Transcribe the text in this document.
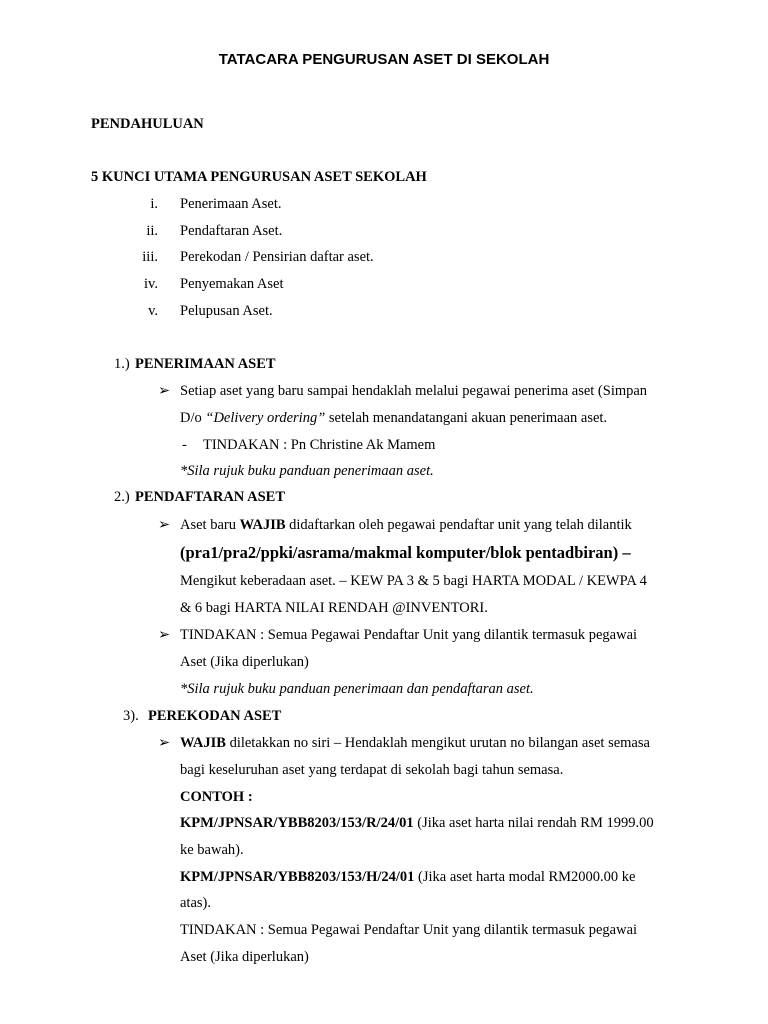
TATACARA PENGURUSAN ASET DI SEKOLAH
PENDAHULUAN
5 KUNCI UTAMA PENGURUSAN ASET SEKOLAH
i. Penerimaan Aset.
ii. Pendaftaran Aset.
iii. Perekodan / Pensirian daftar aset.
iv. Penyemakan Aset
v. Pelupusan Aset.
1.) PENERIMAAN ASET
➢ Setiap aset yang baru sampai hendaklah melalui pegawai penerima aset (Simpan
D/o “Delivery ordering” setelah menandatangani akuan penerimaan aset.
- TINDAKAN : Pn Christine Ak Mamem
*Sila rujuk buku panduan penerimaan aset.
2.) PENDAFTARAN ASET
➢ Aset baru WAJIB didaftarkan oleh pegawai pendaftar unit yang telah dilantik
(pra1/pra2/ppki/asrama/makmal komputer/blok pentadbiran) –
Mengikut keberadaan aset. – KEW PA 3 & 5 bagi HARTA MODAL / KEWPA 4
& 6 bagi HARTA NILAI RENDAH @INVENTORI.
➢ TINDAKAN : Semua Pegawai Pendaftar Unit yang dilantik termasuk pegawai
Aset (Jika diperlukan)
*Sila rujuk buku panduan penerimaan dan pendaftaran aset.
3). PEREKODAN ASET
➢ WAJIB diletakkan no siri – Hendaklah mengikut urutan no bilangan aset semasa
bagi keseluruhan aset yang terdapat di sekolah bagi tahun semasa.
CONTOH :
KPM/JPNSAR/YBB8203/153/R/24/01 (Jika aset harta nilai rendah RM 1999.00
ke bawah).
KPM/JPNSAR/YBB8203/153/H/24/01 (Jika aset harta modal RM2000.00 ke
atas).
TINDAKAN : Semua Pegawai Pendaftar Unit yang dilantik termasuk pegawai
Aset (Jika diperlukan)
